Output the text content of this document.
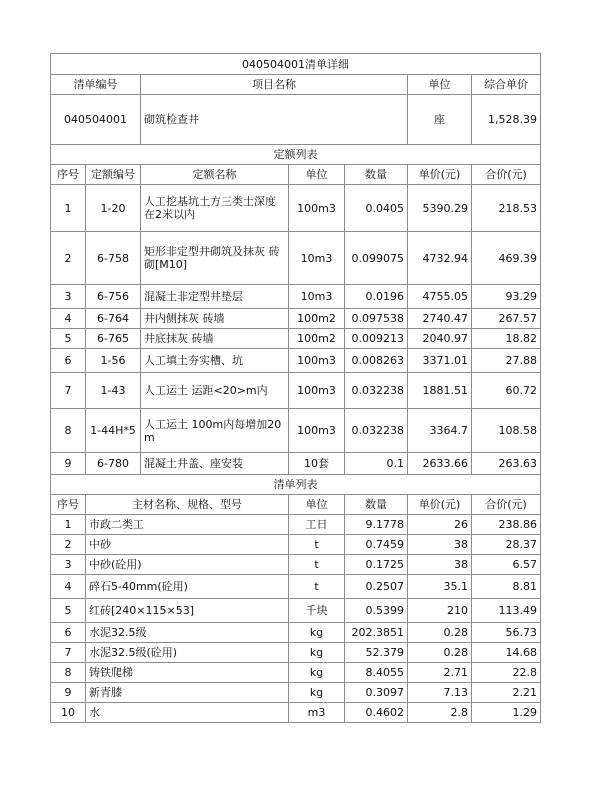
040504001清单详细						
清单编号		项目名称			单位	综合单价
040504001		砌筑检查井			座	1,528.39
定额列表						
序号	定额编号	定额名称	单位	数量	单价(元)	合价(元)
1	1-20	人工挖基坑土方三类土深度在2米以内	100m3	0.0405	5390.29	218.53
2	6-758	矩形非定型井砌筑及抹灰 砖砌[M10]	10m3	0.099075	4732.94	469.39
3	6-756	混凝土非定型井垫层	10m3	0.0196	4755.05	93.29
4	6-764	井内侧抹灰 砖墙	100m2	0.097538	2740.47	267.57
5	6-765	井底抹灰 砖墙	100m2	0.009213	2040.97	18.82
6	1-56	人工填土夯实槽、坑	100m3	0.008263	3371.01	27.88
7	1-43	人工运土 运距<20>m内	100m3	0.032238	1881.51	60.72
8	1-44H*5	人工运土 100m内每增加20m	100m3	0.032238	3364.7	108.58
9	6-780	混凝土井盖、座安装	10套	0.1	2633.66	263.63
清单列表						
序号	主材名称、规格、型号		单位	数量	单价(元)	合价(元)
1	市政二类工		工日	9.1778	26	238.86
2	中砂		t	0.7459	38	28.37
3	中砂(砼用)		t	0.1725	38	6.57
4	碎石5-40mm(砼用)		t	0.2507	35.1	8.81
5	红砖[240×115×53]		千块	0.5399	210	113.49
6	水泥32.5级		kg	202.3851	0.28	56.73
7	水泥32.5级(砼用)		kg	52.379	0.28	14.68
8	铸铁爬梯		kg	8.4055	2.71	22.8
9	新青膝		kg	0.3097	7.13	2.21
10	水		m3	0.4602	2.8	1.29
